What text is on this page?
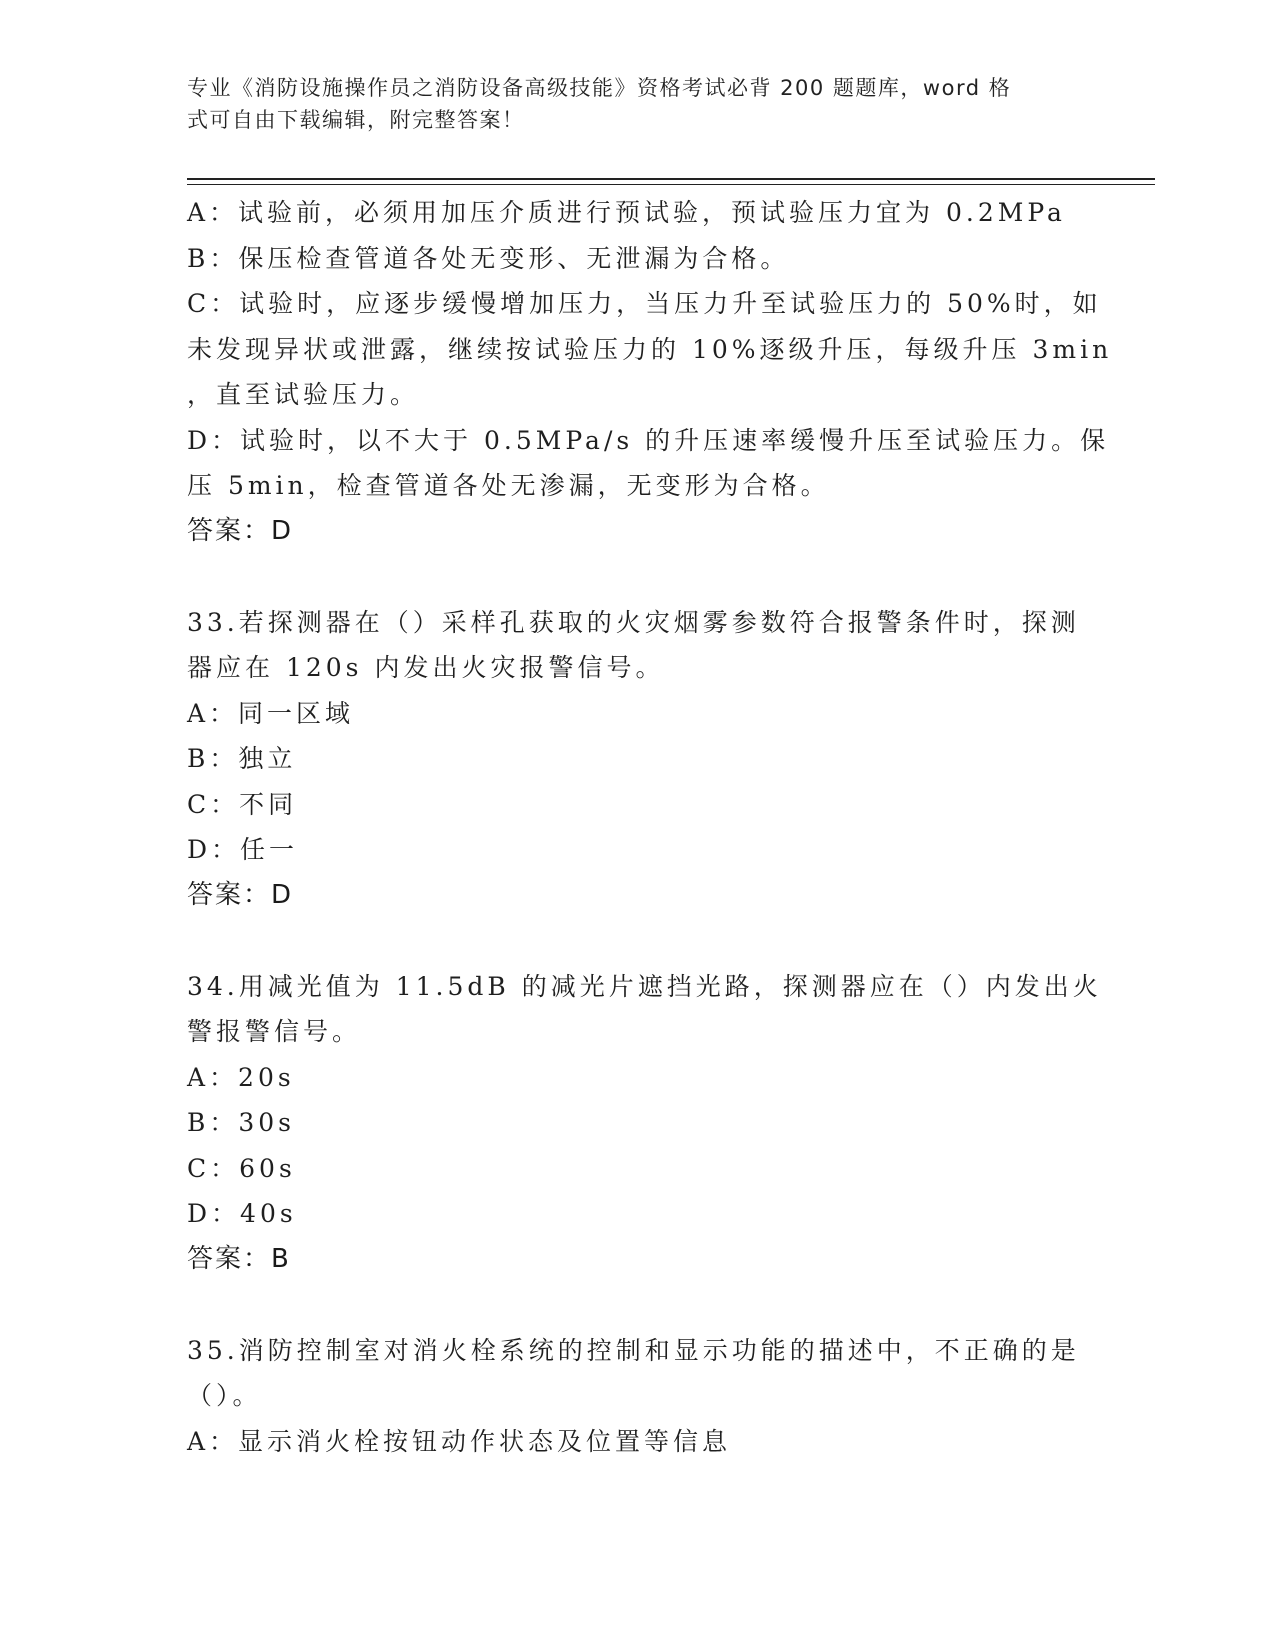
专业《消防设施操作员之消防设备高级技能》资格考试必背 200 题题库，word 格
式可自由下载编辑，附完整答案！
A：试验前，必须用加压介质进行预试验，预试验压力宜为 0.2MPa
B：保压检查管道各处无变形、无泄漏为合格。
C：试验时，应逐步缓慢增加压力，当压力升至试验压力的 50%时，如
未发现异状或泄露，继续按试验压力的 10%逐级升压，每级升压 3min
，直至试验压力。
D：试验时，以不大于 0.5MPa/s 的升压速率缓慢升压至试验压力。保
压 5min，检查管道各处无渗漏，无变形为合格。
答案：D
33.若探测器在（）采样孔获取的火灾烟雾参数符合报警条件时，探测
器应在 120s 内发出火灾报警信号。
A：同一区域
B：独立
C：不同
D：任一
答案：D
34.用减光值为 11.5dB 的减光片遮挡光路，探测器应在（）内发出火
警报警信号。
A：20s
B：30s
C：60s
D：40s
答案：B
35.消防控制室对消火栓系统的控制和显示功能的描述中，不正确的是
（）。
A：显示消火栓按钮动作状态及位置等信息
